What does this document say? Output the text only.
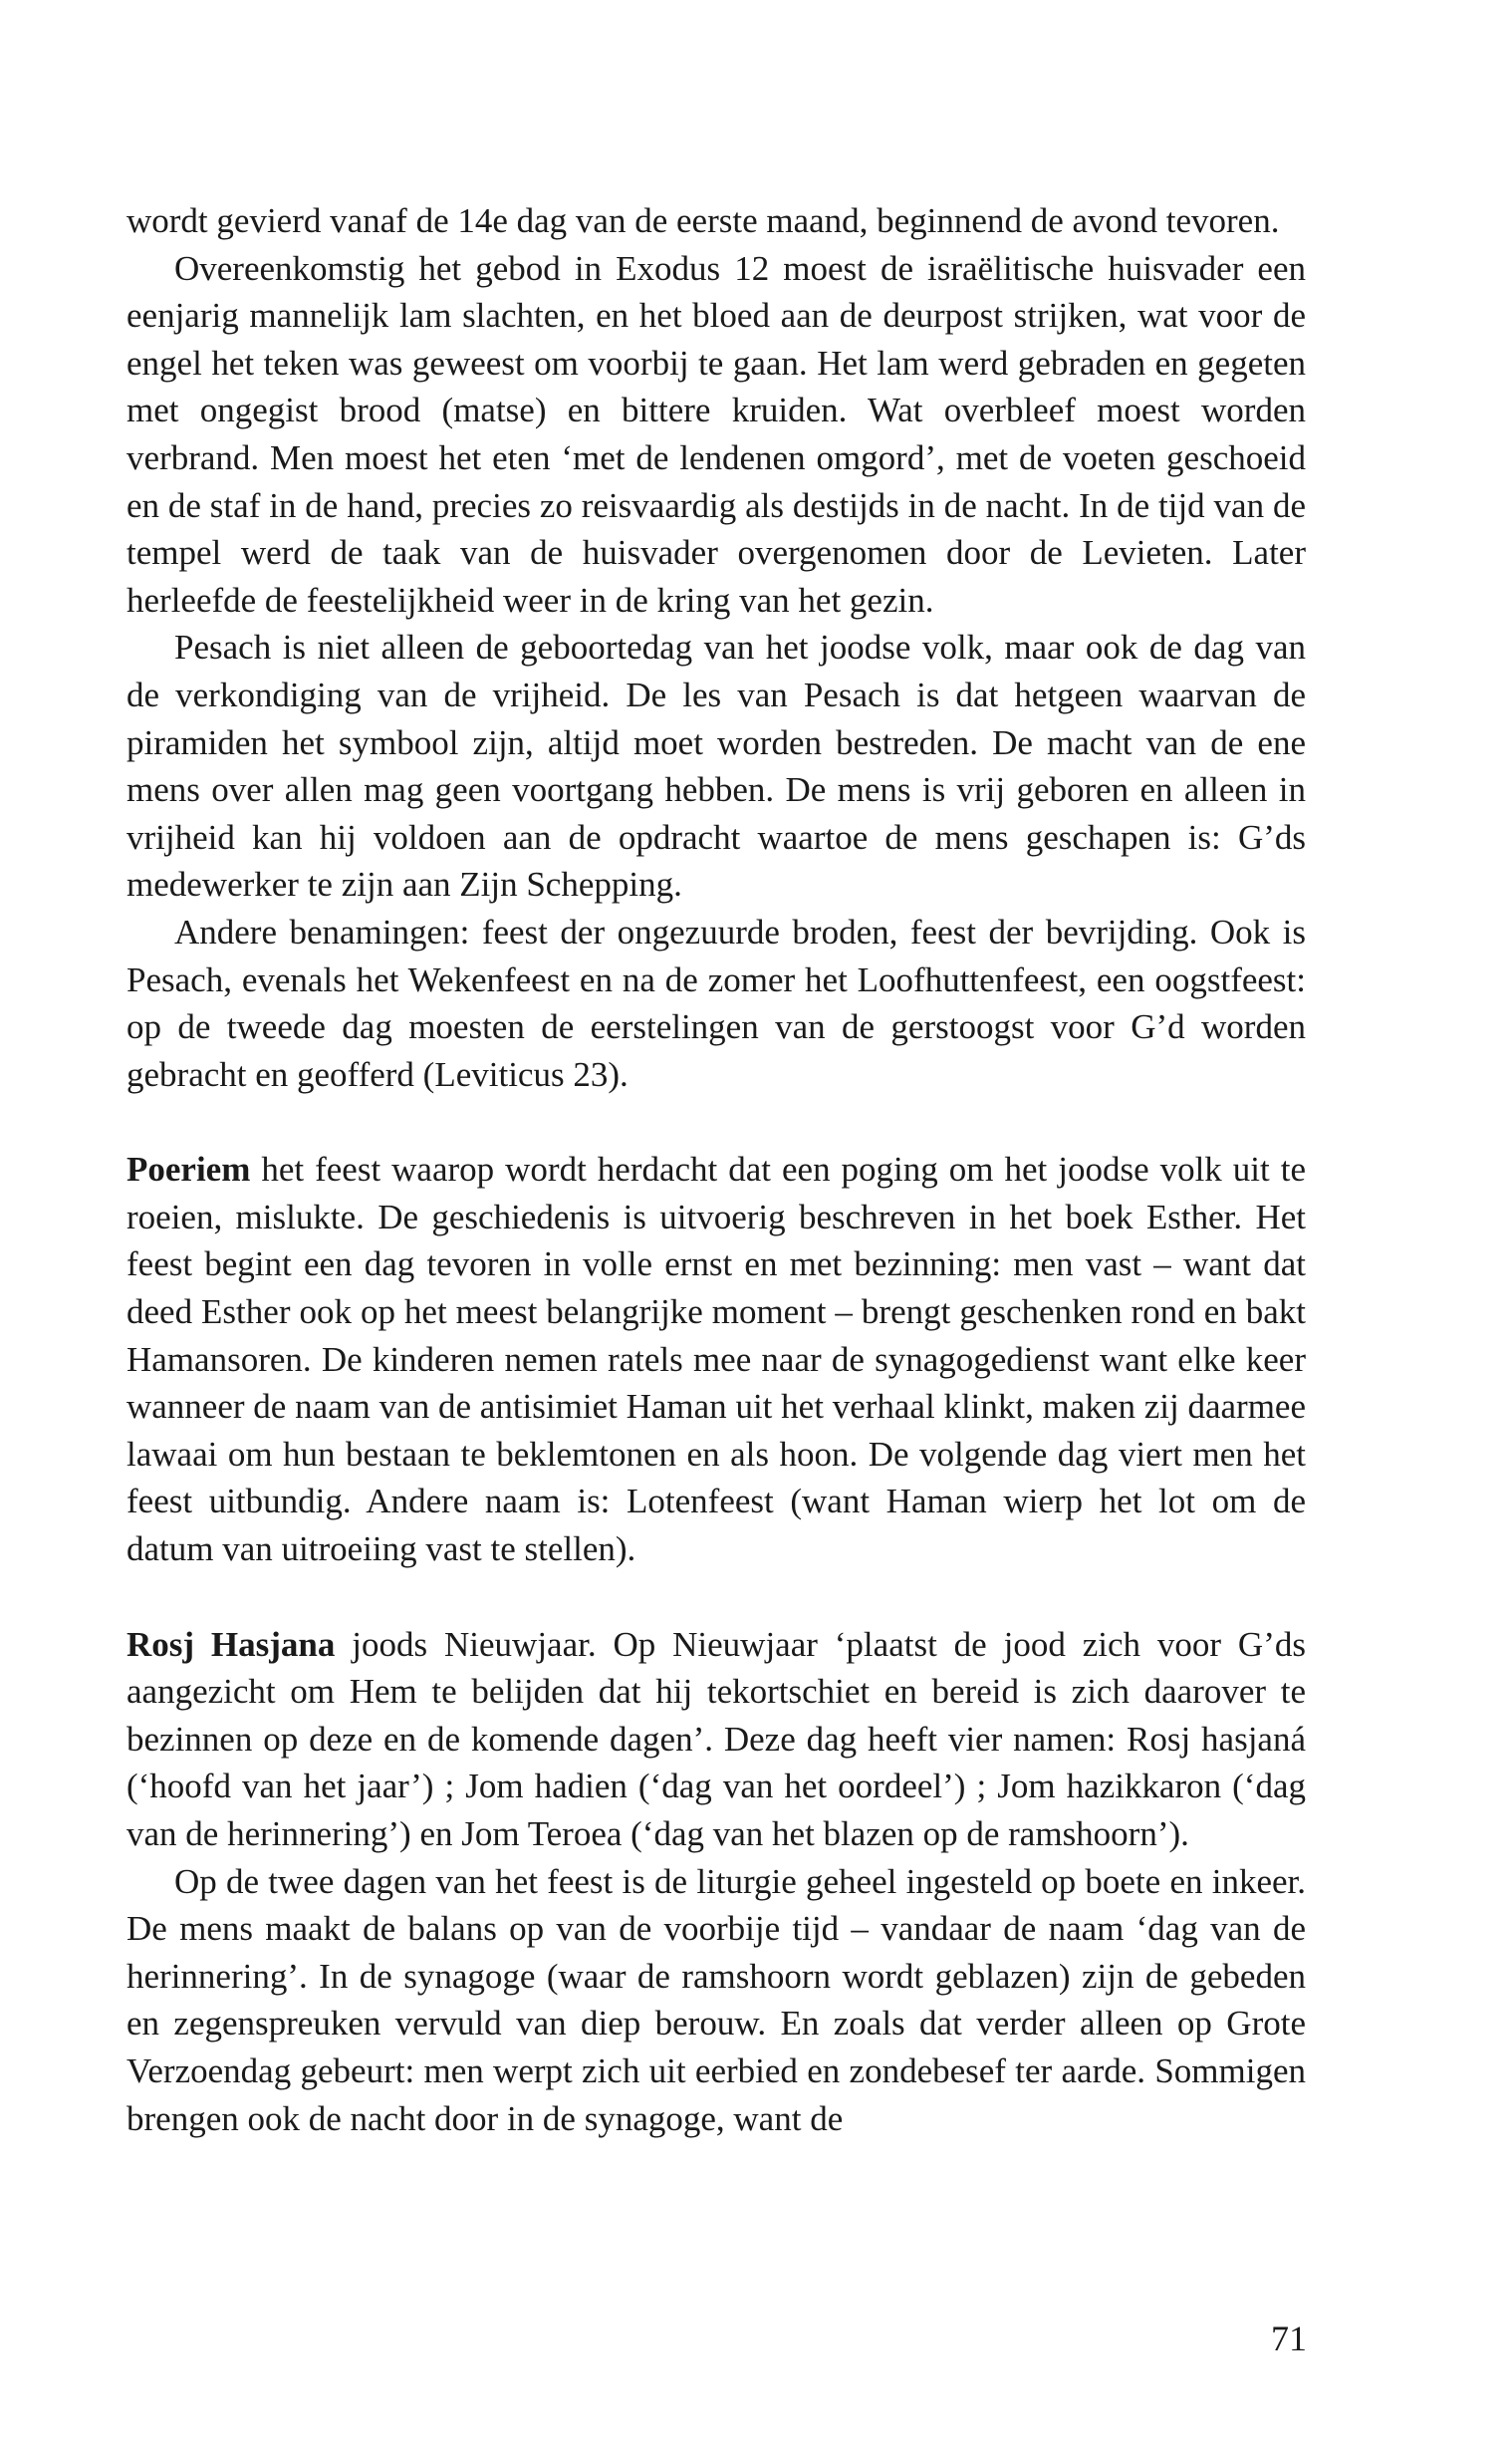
wordt gevierd vanaf de 14e dag van de eerste maand, beginnend de avond tevoren.

Overeenkomstig het gebod in Exodus 12 moest de israëlitische huisvader een eenjarig mannelijk lam slachten, en het bloed aan de deurpost strijken, wat voor de engel het teken was geweest om voorbij te gaan. Het lam werd gebraden en gegeten met ongegist brood (matse) en bittere kruiden. Wat overbleef moest worden verbrand. Men moest het eten ‘met de lendenen omgord’, met de voeten geschoeid en de staf in de hand, precies zo reisvaardig als destijds in de nacht. In de tijd van de tempel werd de taak van de huisvader overgenomen door de Levieten. Later herleefde de feestelijkheid weer in de kring van het gezin.

Pesach is niet alleen de geboortedag van het joodse volk, maar ook de dag van de verkondiging van de vrijheid. De les van Pesach is dat hetgeen waarvan de piramiden het symbool zijn, altijd moet worden bestreden. De macht van de ene mens over allen mag geen voortgang hebben. De mens is vrij geboren en alleen in vrijheid kan hij voldoen aan de opdracht waartoe de mens geschapen is: G’ds medewerker te zijn aan Zijn Schepping.

Andere benamingen: feest der ongezuurde broden, feest der bevrijding. Ook is Pesach, evenals het Wekenfeest en na de zomer het Loofhuttenfeest, een oogstfeest: op de tweede dag moesten de eerstelingen van de gerstoogst voor G’d worden gebracht en geofferd (Leviticus 23).

Poeriem het feest waarop wordt herdacht dat een poging om het joodse volk uit te roeien, mislukte. De geschiedenis is uitvoerig beschreven in het boek Esther. Het feest begint een dag tevoren in volle ernst en met bezinning: men vast – want dat deed Esther ook op het meest belangrijke moment – brengt geschenken rond en bakt Hamansoren. De kinderen nemen ratels mee naar de synagogedienst want elke keer wanneer de naam van de antisimiet Haman uit het verhaal klinkt, maken zij daarmee lawaai om hun bestaan te beklemtonen en als hoon. De volgende dag viert men het feest uitbundig. Andere naam is: Lotenfeest (want Haman wierp het lot om de datum van uitroeiing vast te stellen).

Rosj Hasjana joods Nieuwjaar. Op Nieuwjaar ‘plaatst de jood zich voor G’ds aangezicht om Hem te belijden dat hij tekortschiet en bereid is zich daarover te bezinnen op deze en de komende dagen’. Deze dag heeft vier namen: Rosj hasjaná (‘hoofd van het jaar’) ; Jom hadien (‘dag van het oordeel’) ; Jom hazikkaron (‘dag van de herinnering’) en Jom Teroea (‘dag van het blazen op de ramshoorn’).

Op de twee dagen van het feest is de liturgie geheel ingesteld op boete en inkeer. De mens maakt de balans op van de voorbije tijd – vandaar de naam ‘dag van de herinnering’. In de synagoge (waar de ramshoorn wordt geblazen) zijn de gebeden en zegenspreuken vervuld van diep berouw. En zoals dat verder alleen op Grote Verzoendag gebeurt: men werpt zich uit eerbied en zondebesef ter aarde. Sommigen brengen ook de nacht door in de synagoge, want de

71
